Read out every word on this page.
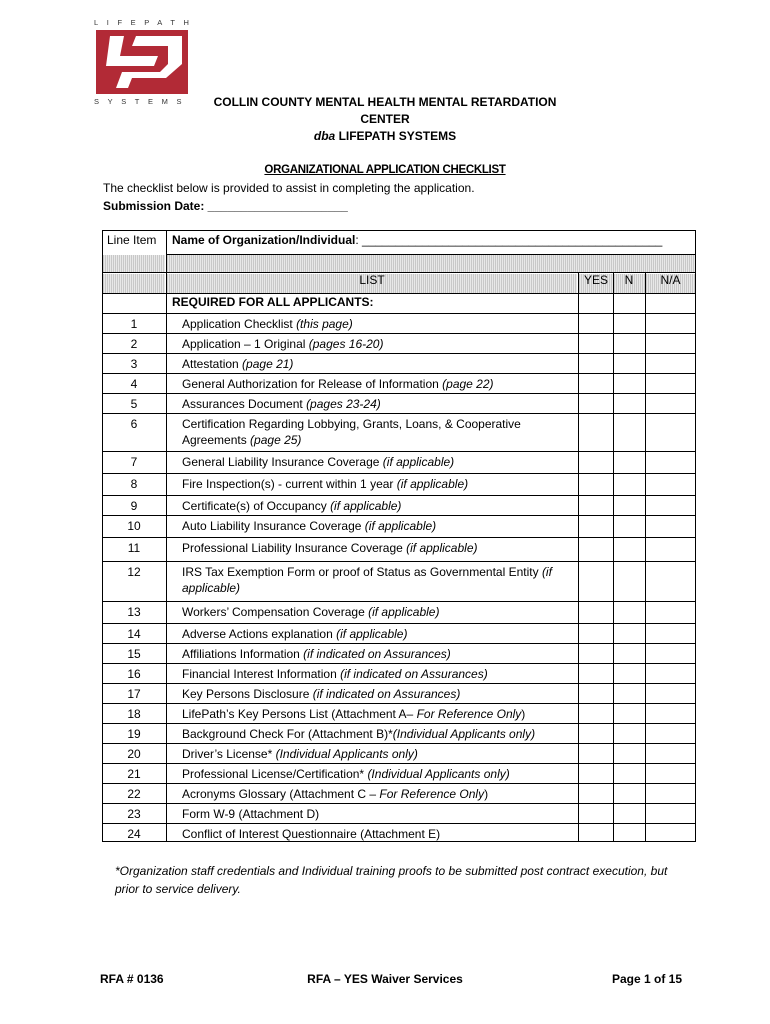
LIFEPATH
SYSTEMS	COLLIN COUNTY MENTAL HEALTH MENTAL RETARDATION
CENTER
dba LIFEPATH SYSTEMS
ORGANIZATIONAL APPLICATION CHECKLIST
The checklist below is provided to assist in completing the application.
Submission Date: _____________________
Line Item Name of Organization/Individual: _____________________________________________
LIST	YES	N	N/A
REQUIRED FOR ALL APPLICANTS:
1	Application Checklist (this page)
2	Application – 1 Original (pages 16-20)
3	Attestation (page 21)
4	General Authorization for Release of Information (page 22)
5	Assurances Document (pages 23-24)
6	Certification Regarding Lobbying, Grants, Loans, & Cooperative Agreements (page 25)
7	General Liability Insurance Coverage (if applicable)
8	Fire Inspection(s) - current within 1 year (if applicable)
9	Certificate(s) of Occupancy (if applicable)
10	Auto Liability Insurance Coverage (if applicable)
11	Professional Liability Insurance Coverage (if applicable)
12	IRS Tax Exemption Form or proof of Status as Governmental Entity (if applicable)
13	Workers’ Compensation Coverage (if applicable)
14	Adverse Actions explanation (if applicable)
15	Affiliations Information (if indicated on Assurances)
16	Financial Interest Information (if indicated on Assurances)
17	Key Persons Disclosure (if indicated on Assurances)
18	LifePath’s Key Persons List (Attachment A– For Reference Only)
19	Background Check For (Attachment B)*(Individual Applicants only)
20	Driver’s License* (Individual Applicants only)
21	Professional License/Certification* (Individual Applicants only)
22	Acronyms Glossary (Attachment C – For Reference Only)
23	Form W-9 (Attachment D)
24	Conflict of Interest Questionnaire (Attachment E)
*Organization staff credentials and Individual training proofs to be submitted post contract execution, but prior to service delivery.
RFA # 0136	RFA – YES Waiver Services	Page 1 of 15
